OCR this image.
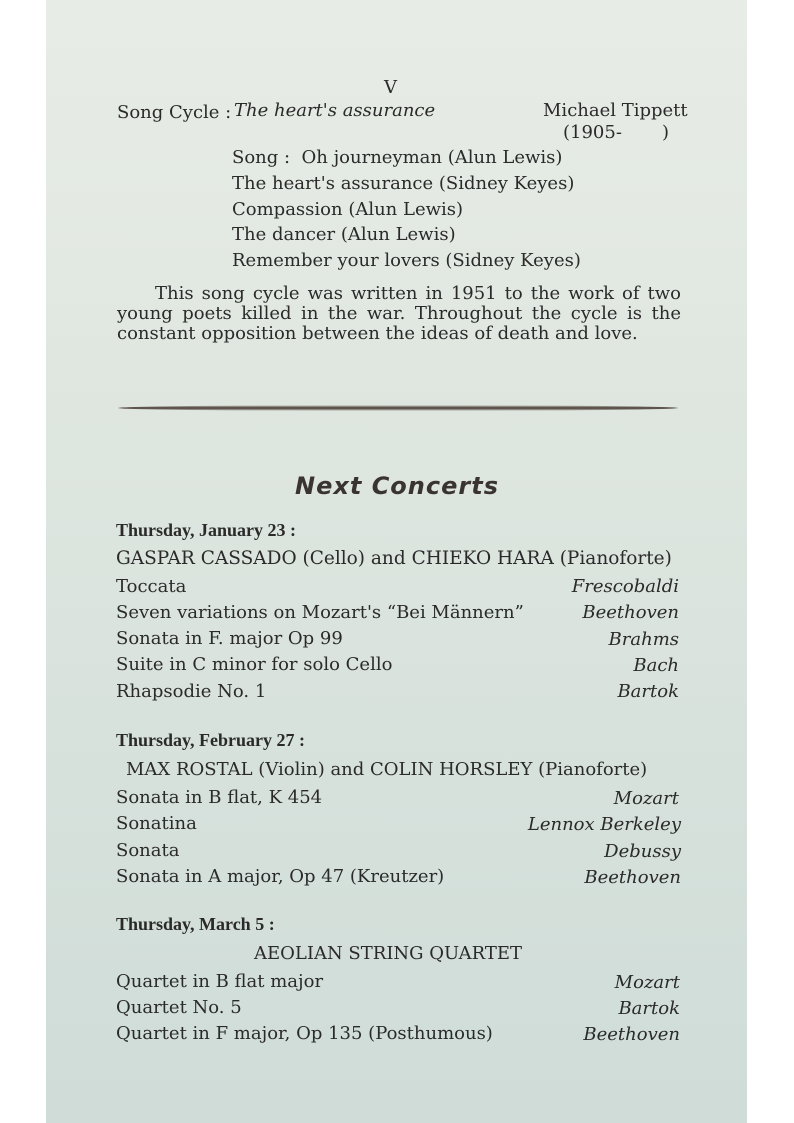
V
Song Cycle : The heart's assurance	Michael Tippett
(1905-       )
Song :  Oh journeyman (Alun Lewis)
The heart's assurance (Sidney Keyes)
Compassion (Alun Lewis)
The dancer (Alun Lewis)
Remember your lovers (Sidney Keyes)
This song cycle was written in 1951 to the work of two young poets killed in the war. Throughout the cycle is the constant opposition between the ideas of death and love.
Next Concerts
Thursday, January 23 :
GASPAR CASSADO (Cello) and CHIEKO HARA (Pianoforte)
Toccata	Frescobaldi
Seven variations on Mozart's “Bei Männern”	Beethoven
Sonata in F. major Op 99	Brahms
Suite in C minor for solo Cello	Bach
Rhapsodie No. 1	Bartok
Thursday, February 27 :
MAX ROSTAL (Violin) and COLIN HORSLEY (Pianoforte)
Sonata in B flat, K 454	Mozart
Sonatina	Lennox Berkeley
Sonata	Debussy
Sonata in A major, Op 47 (Kreutzer)	Beethoven
Thursday, March 5 :
AEOLIAN STRING QUARTET
Quartet in B flat major	Mozart
Quartet No. 5	Bartok
Quartet in F major, Op 135 (Posthumous)	Beethoven
